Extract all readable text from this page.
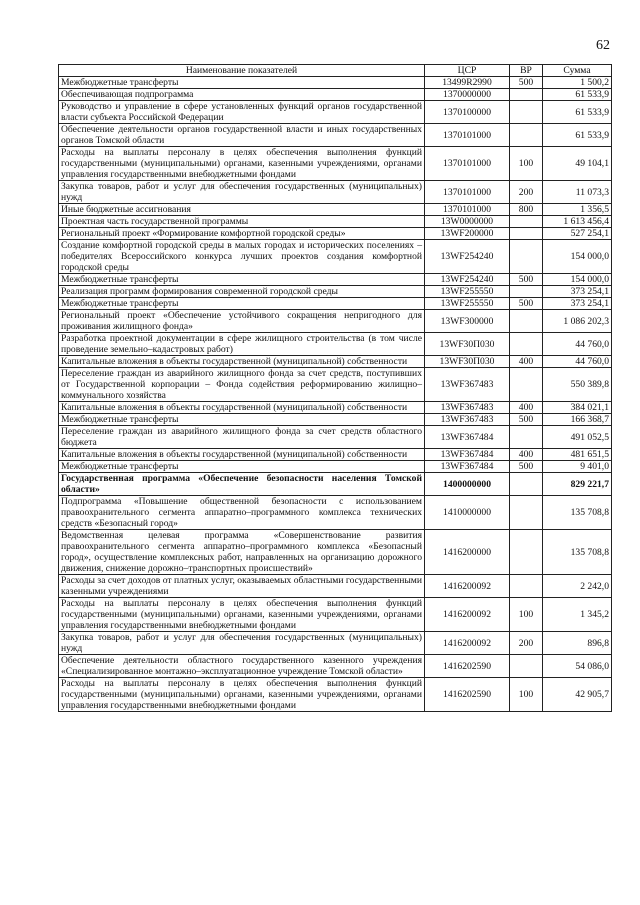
62
Наименование показателей	ЦСР	ВР	Сумма
Межбюджетные трансферты	13499R2990	500	1 500,2
Обеспечивающая подпрограмма	1370000000		61 533,9
Руководство и управление в сфере установленных функций органов государственной власти субъекта Российской Федерации	1370100000		61 533,9
Обеспечение деятельности органов государственной власти и иных государственных органов Томской области	1370101000		61 533,9
Расходы на выплаты персоналу в целях обеспечения выполнения функций государственными (муниципальными) органами, казенными учреждениями, органами управления государственными внебюджетными фондами	1370101000	100	49 104,1
Закупка товаров, работ и услуг для обеспечения государственных (муниципальных) нужд	1370101000	200	11 073,3
Иные бюджетные ассигнования	1370101000	800	1 356,5
Проектная часть государственной программы	13W0000000		1 613 456,4
Региональный проект «Формирование комфортной городской среды»	13WF200000		527 254,1
Создание комфортной городской среды в малых городах и исторических поселениях – победителях Всероссийского конкурса лучших проектов создания комфортной городской среды	13WF254240		154 000,0
Межбюджетные трансферты	13WF254240	500	154 000,0
Реализация программ формирования современной городской среды	13WF255550		373 254,1
Межбюджетные трансферты	13WF255550	500	373 254,1
Региональный проект «Обеспечение устойчивого сокращения непригодного для проживания жилищного фонда»	13WF300000		1 086 202,3
Разработка проектной документации в сфере жилищного строительства (в том числе проведение земельно–кадастровых работ)	13WF30П030		44 760,0
Капитальные вложения в объекты государственной (муниципальной) собственности	13WF30П030	400	44 760,0
Переселение граждан из аварийного жилищного фонда за счет средств, поступивших от Государственной корпорации – Фонда содействия реформированию жилищно–коммунального хозяйства	13WF367483		550 389,8
Капитальные вложения в объекты государственной (муниципальной) собственности	13WF367483	400	384 021,1
Межбюджетные трансферты	13WF367483	500	166 368,7
Переселение граждан из аварийного жилищного фонда за счет средств областного бюджета	13WF367484		491 052,5
Капитальные вложения в объекты государственной (муниципальной) собственности	13WF367484	400	481 651,5
Межбюджетные трансферты	13WF367484	500	9 401,0
Государственная программа «Обеспечение безопасности населения Томской области»	1400000000		829 221,7
Подпрограмма «Повышение общественной безопасности с использованием правоохранительного сегмента аппаратно–программного комплекса технических средств «Безопасный город»	1410000000		135 708,8
Ведомственная целевая программа «Совершенствование развития правоохранительного сегмента аппаратно–программного комплекса «Безопасный город», осуществление комплексных работ, направленных на организацию дорожного движения, снижение дорожно–транспортных происшествий»	1416200000		135 708,8
Расходы за счет доходов от платных услуг, оказываемых областными государственными казенными учреждениями	1416200092		2 242,0
Расходы на выплаты персоналу в целях обеспечения выполнения функций государственными (муниципальными) органами, казенными учреждениями, органами управления государственными внебюджетными фондами	1416200092	100	1 345,2
Закупка товаров, работ и услуг для обеспечения государственных (муниципальных) нужд	1416200092	200	896,8
Обеспечение деятельности областного государственного казенного учреждения «Специализированное монтажно–эксплуатационное учреждение Томской области»	1416202590		54 086,0
Расходы на выплаты персоналу в целях обеспечения выполнения функций государственными (муниципальными) органами, казенными учреждениями, органами управления государственными внебюджетными фондами	1416202590	100	42 905,7
